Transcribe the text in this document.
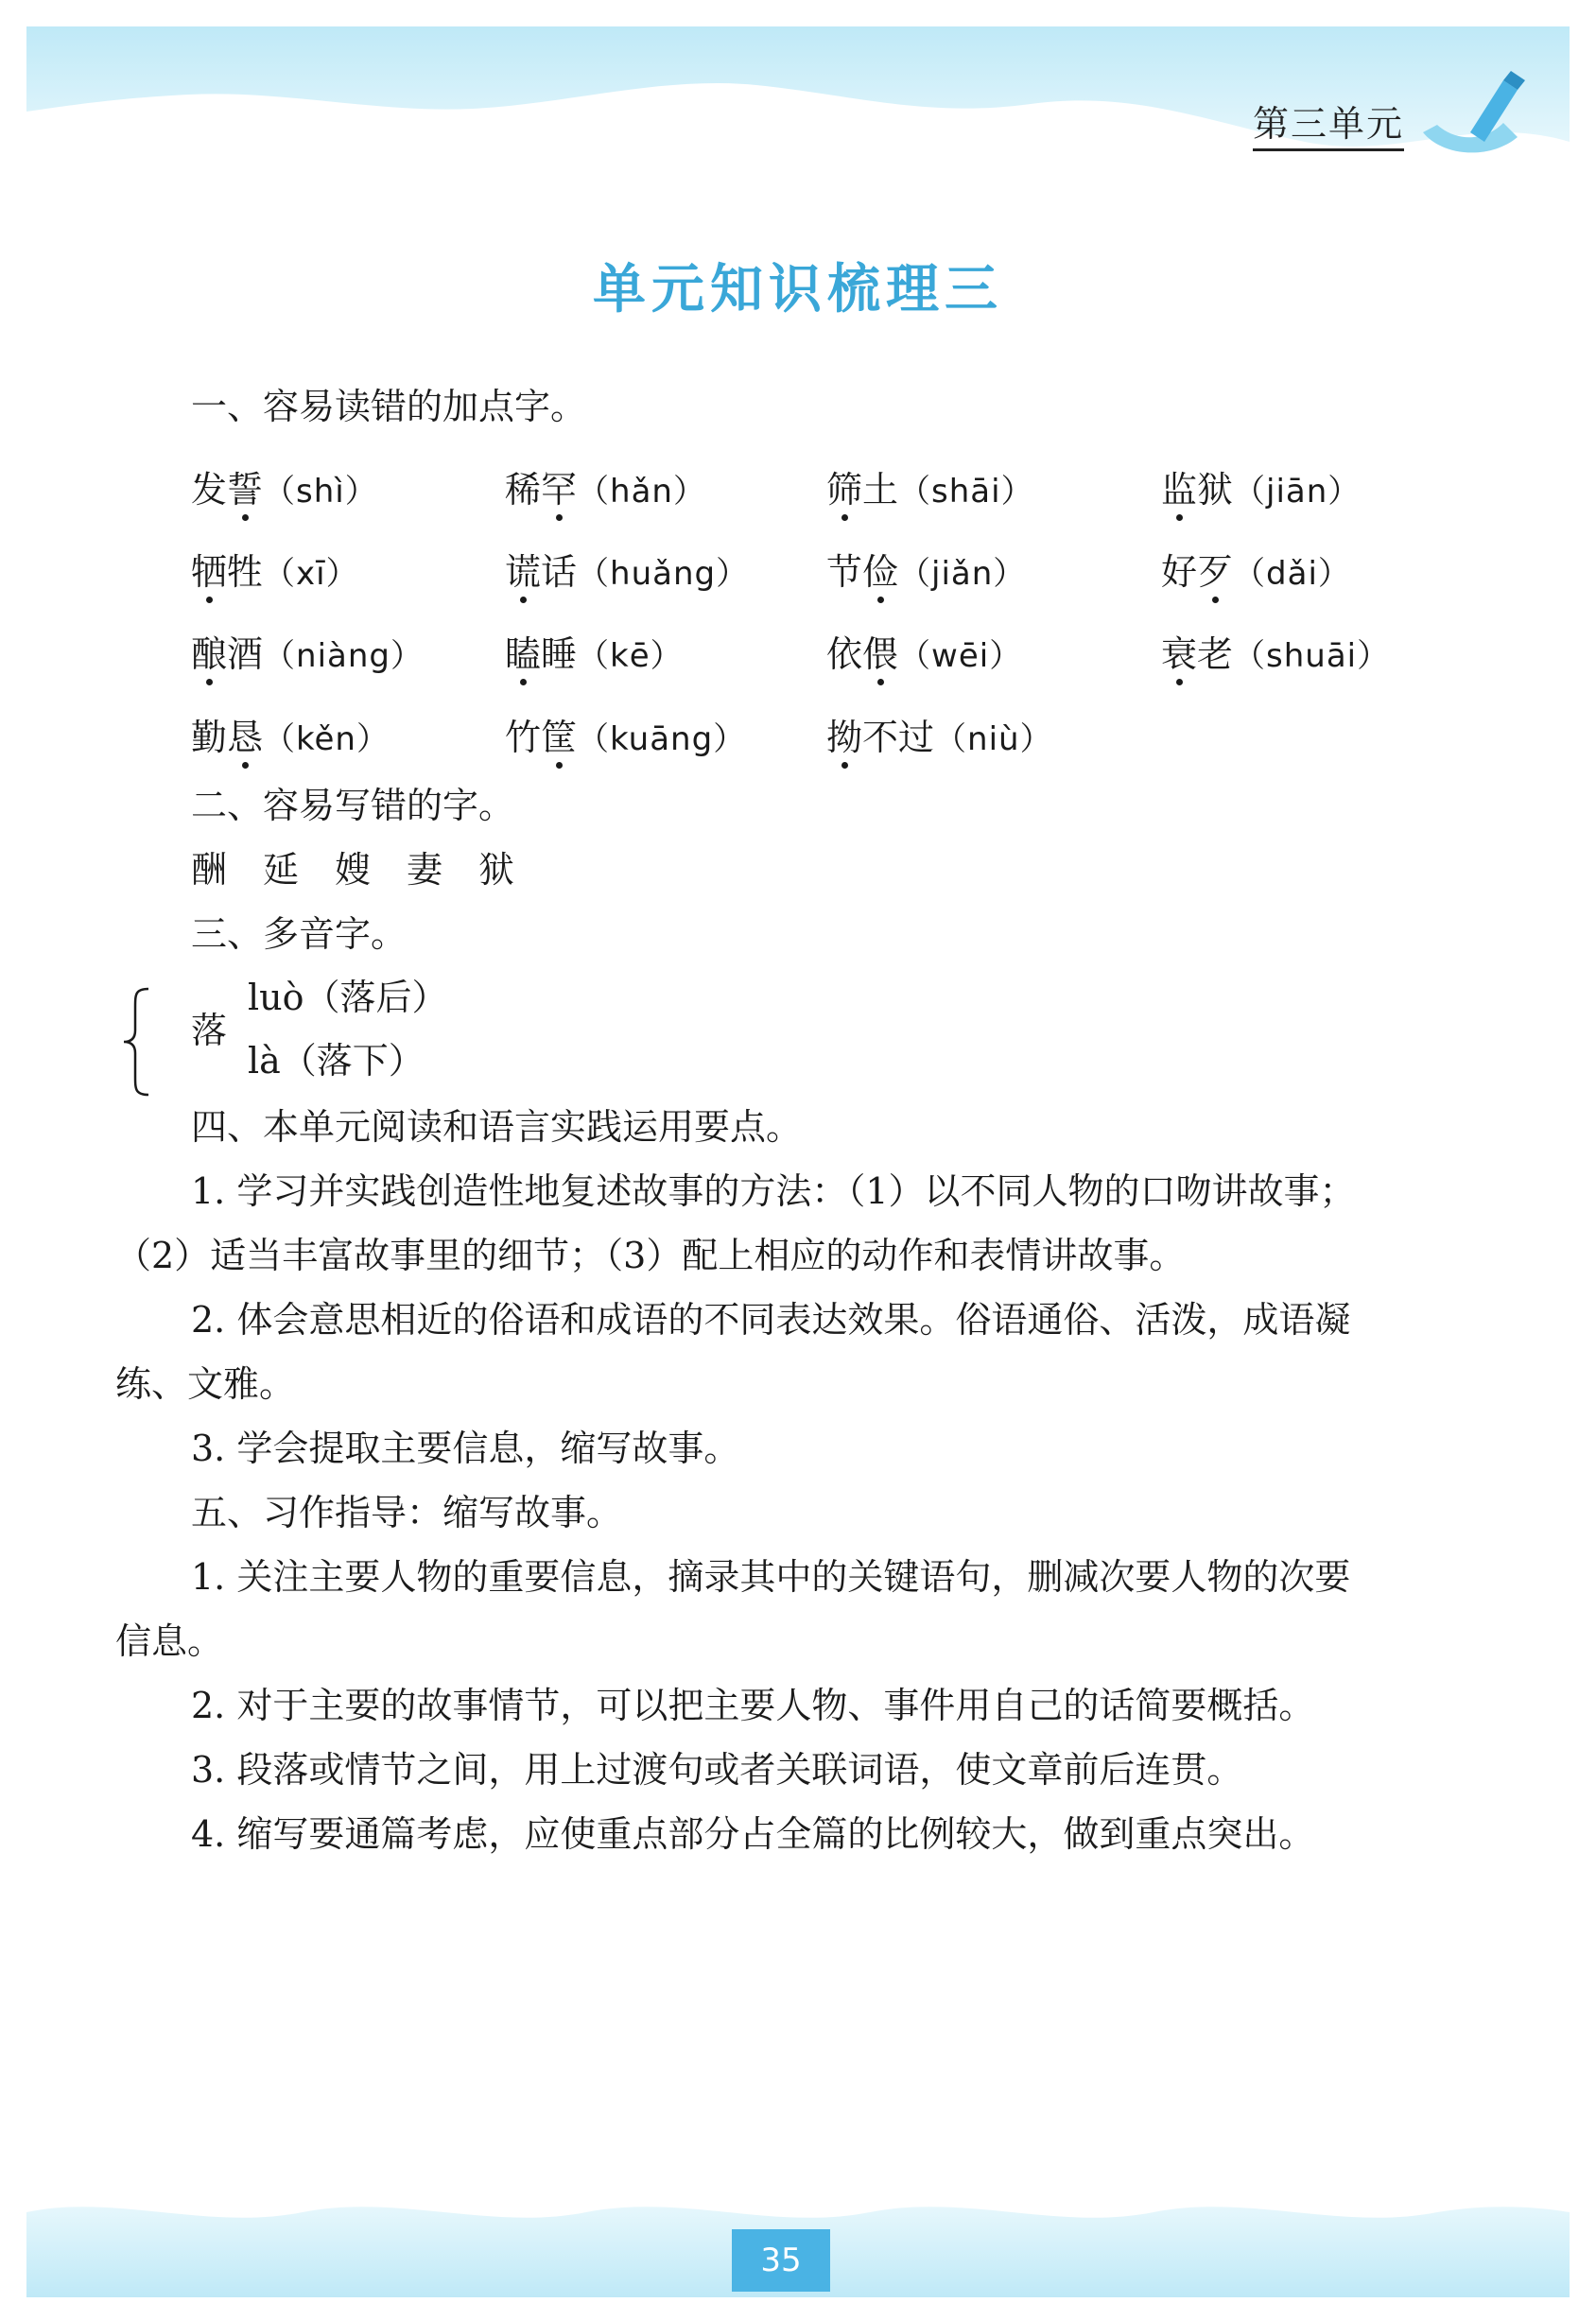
第三单元
单元知识梳理三
一、容易读错的加点字。
发誓（shì）	稀罕（hǎn）	筛土（shāi）	监狱（jiān）
牺牲（xī）	谎话（huǎng） 节俭（jiǎn）	好歹（dǎi）
酿酒（niàng） 瞌睡（kē）	依偎（wēi）	衰老（shuāi）
勤恳（kěn）	竹筐（kuāng） 拗不过（niù）
二、容易写错的字。
酬　延　嫂　妻　狱
三、多音字。
落
luò（落后）
là（落下）
四、本单元阅读和语言实践运用要点。
1. 学习并实践创造性地复述故事的方法：（1）以不同人物的口吻讲故事；
（2）适当丰富故事里的细节；（3）配上相应的动作和表情讲故事。
2. 体会意思相近的俗语和成语的不同表达效果。俗语通俗、活泼，成语凝
练、文雅。
3. 学会提取主要信息，缩写故事。
五、习作指导：缩写故事。
1. 关注主要人物的重要信息，摘录其中的关键语句，删减次要人物的次要
信息。
2. 对于主要的故事情节，可以把主要人物、事件用自己的话简要概括。
3. 段落或情节之间，用上过渡句或者关联词语，使文章前后连贯。
4. 缩写要通篇考虑，应使重点部分占全篇的比例较大，做到重点突出。
35
